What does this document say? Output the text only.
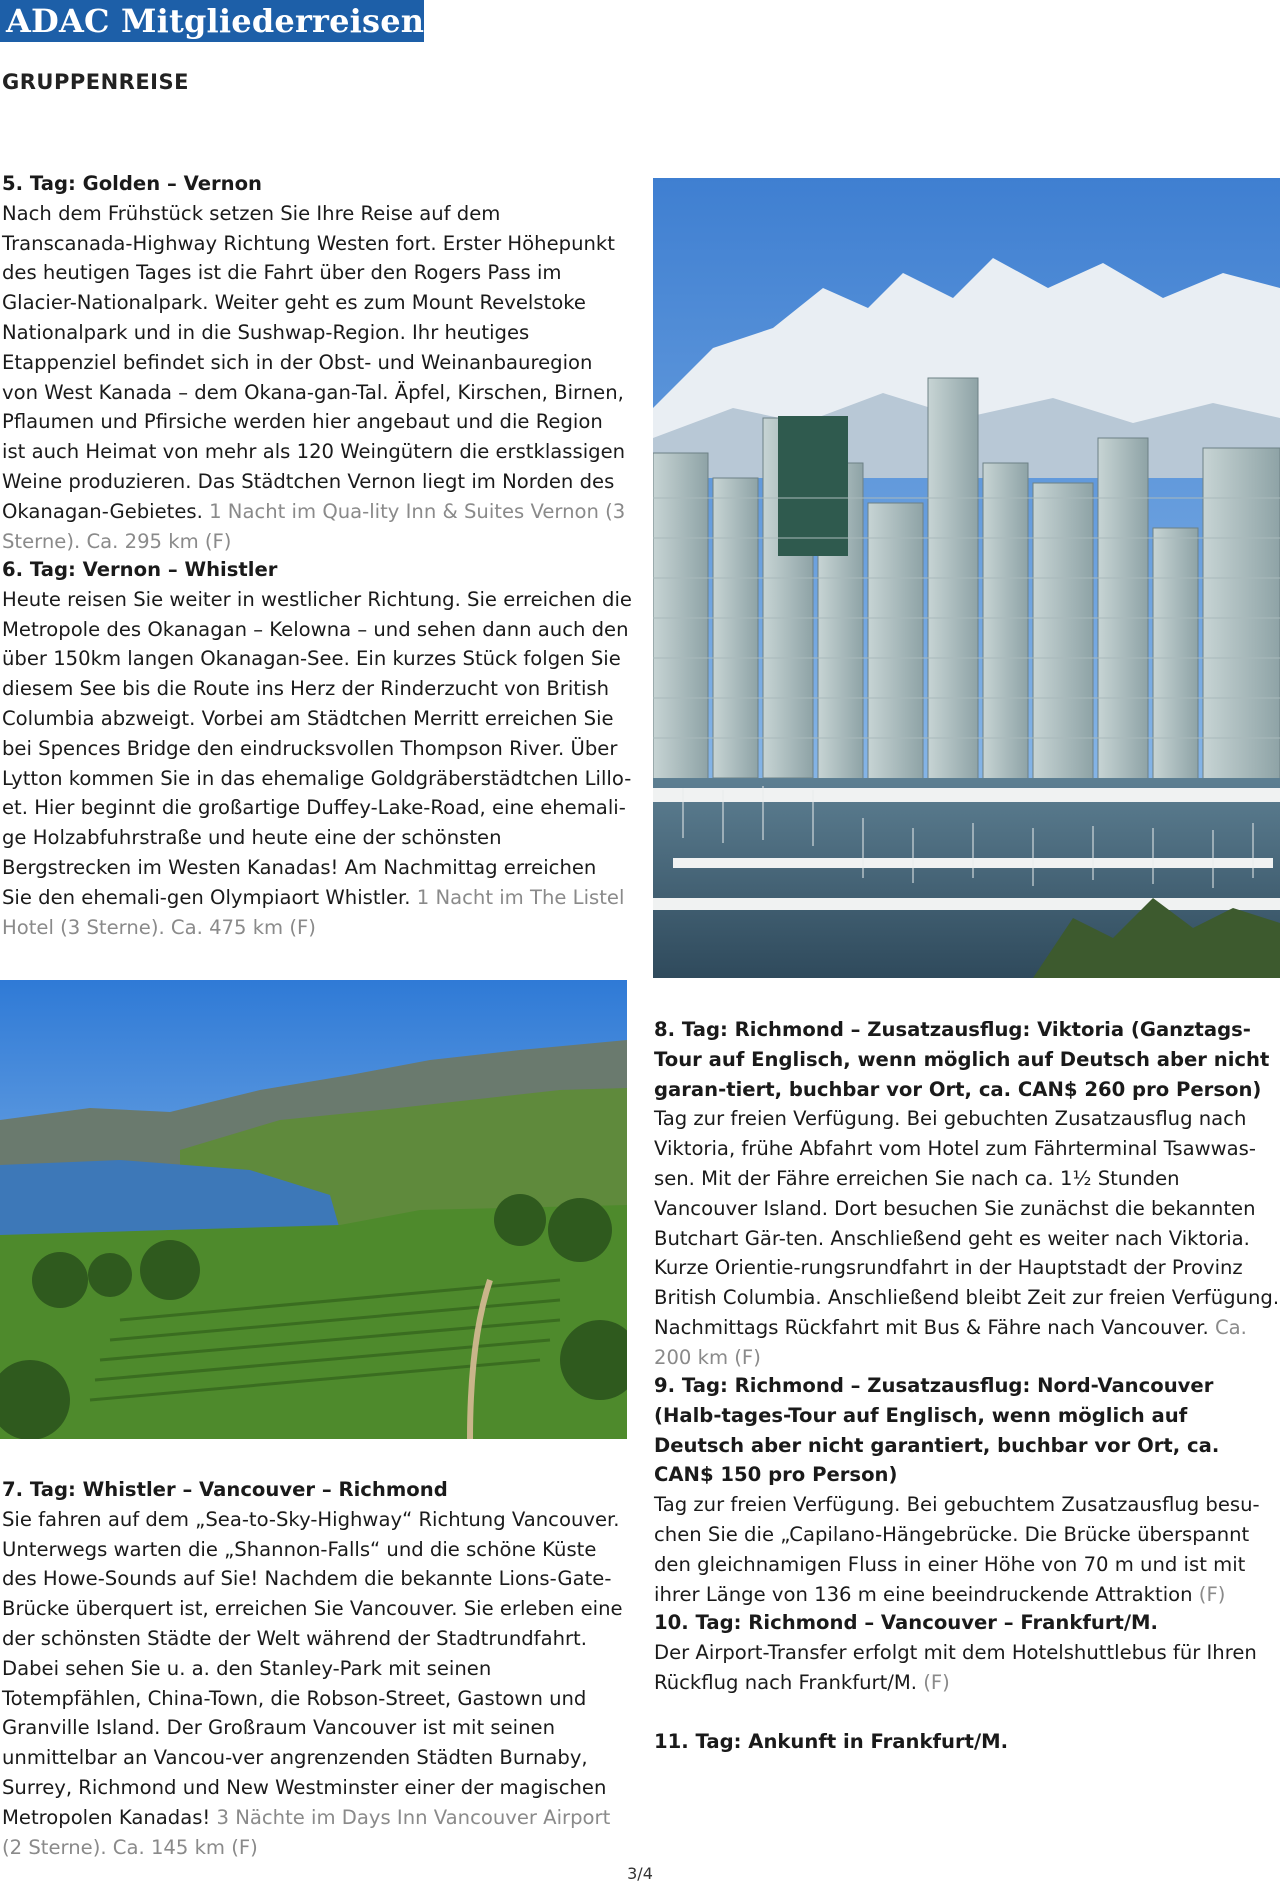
ADAC Mitgliederreisen
GRUPPENREISE
5. Tag: Golden – Vernon

Nach dem Frühstück setzen Sie Ihre Reise auf dem Transcanada-Highway Richtung Westen fort. Erster Höhepunkt des heutigen Tages ist die Fahrt über den Rogers Pass im Glacier-Nationalpark. Weiter geht es zum Mount Revelstoke Nationalpark und in die Sushwap-Region. Ihr heutiges Etappenziel befindet sich in der Obst- und Weinanbauregion von West Kanada – dem Okana-gan-Tal. Äpfel, Kirschen, Birnen, Pflaumen und Pfirsiche werden hier angebaut und die Region ist auch Heimat von mehr als 120 Weingütern die erstklassigen Weine produzieren. Das Städtchen Vernon liegt im Norden des Okanagan-Gebietes. 1 Nacht im Qua-lity Inn & Suites Vernon (3 Sterne). Ca. 295 km (F)

6. Tag: Vernon – Whistler

Heute reisen Sie weiter in westlicher Richtung. Sie erreichen die Metropole des Okanagan – Kelowna – und sehen dann auch den über 150km langen Okanagan-See. Ein kurzes Stück folgen Sie diesem See bis die Route ins Herz der Rinderzucht von British Columbia abzweigt. Vorbei am Städtchen Merritt erreichen Sie bei Spences Bridge den eindrucksvollen Thompson River. Über Lytton kommen Sie in das ehemalige Goldgräberstädtchen Lillo-et. Hier beginnt die großartige Duffey-Lake-Road, eine ehemali-ge Holzabfuhrstraße und heute eine der schönsten Bergstrecken im Westen Kanadas! Am Nachmittag erreichen Sie den ehemali-gen Olympiaort Whistler. 1 Nacht im The Listel Hotel (3 Sterne). Ca. 475 km (F)

8. Tag: Richmond – Zusatzausflug: Viktoria (Ganztags-Tour auf Englisch, wenn möglich auf Deutsch aber nicht garan-tiert, buchbar vor Ort, ca. CAN$ 260 pro Person)

Tag zur freien Verfügung. Bei gebuchten Zusatzausflug nach Viktoria, frühe Abfahrt vom Hotel zum Fährterminal Tsawwas-sen. Mit der Fähre erreichen Sie nach ca. 1½ Stunden Vancouver Island. Dort besuchen Sie zunächst die bekannten Butchart Gär-ten. Anschließend geht es weiter nach Viktoria. Kurze Orientie-rungsrundfahrt in der Hauptstadt der Provinz British Columbia. Anschließend bleibt Zeit zur freien Verfügung. Nachmittags Rückfahrt mit Bus & Fähre nach Vancouver. Ca. 200 km (F)

9. Tag: Richmond – Zusatzausflug: Nord-Vancouver (Halb-tages-Tour auf Englisch, wenn möglich auf Deutsch aber nicht garantiert, buchbar vor Ort, ca. CAN$ 150 pro Person)

Tag zur freien Verfügung. Bei gebuchtem Zusatzausflug besu-chen Sie die „Capilano-Hängebrücke. Die Brücke überspannt den gleichnamigen Fluss in einer Höhe von 70 m und ist mit ihrer Länge von 136 m eine beeindruckende Attraktion (F)

10. Tag: Richmond – Vancouver – Frankfurt/M.

Der Airport-Transfer erfolgt mit dem Hotelshuttlebus für Ihren Rückflug nach Frankfurt/M. (F)

11. Tag: Ankunft in Frankfurt/M.
7. Tag: Whistler – Vancouver – Richmond

Sie fahren auf dem „Sea-to-Sky-Highway“ Richtung Vancouver. Unterwegs warten die „Shannon-Falls“ und die schöne Küste des Howe-Sounds auf Sie! Nachdem die bekannte Lions-Gate-Brücke überquert ist, erreichen Sie Vancouver. Sie erleben eine der schönsten Städte der Welt während der Stadtrundfahrt. Dabei sehen Sie u. a. den Stanley-Park mit seinen Totempfählen, China-Town, die Robson-Street, Gastown und Granville Island. Der Großraum Vancouver ist mit seinen unmittelbar an Vancou-ver angrenzenden Städten Burnaby, Surrey, Richmond und New Westminster einer der magischen Metropolen Kanadas! 3 Nächte im Days Inn Vancouver Airport (2 Sterne). Ca. 145 km (F)

3/4
